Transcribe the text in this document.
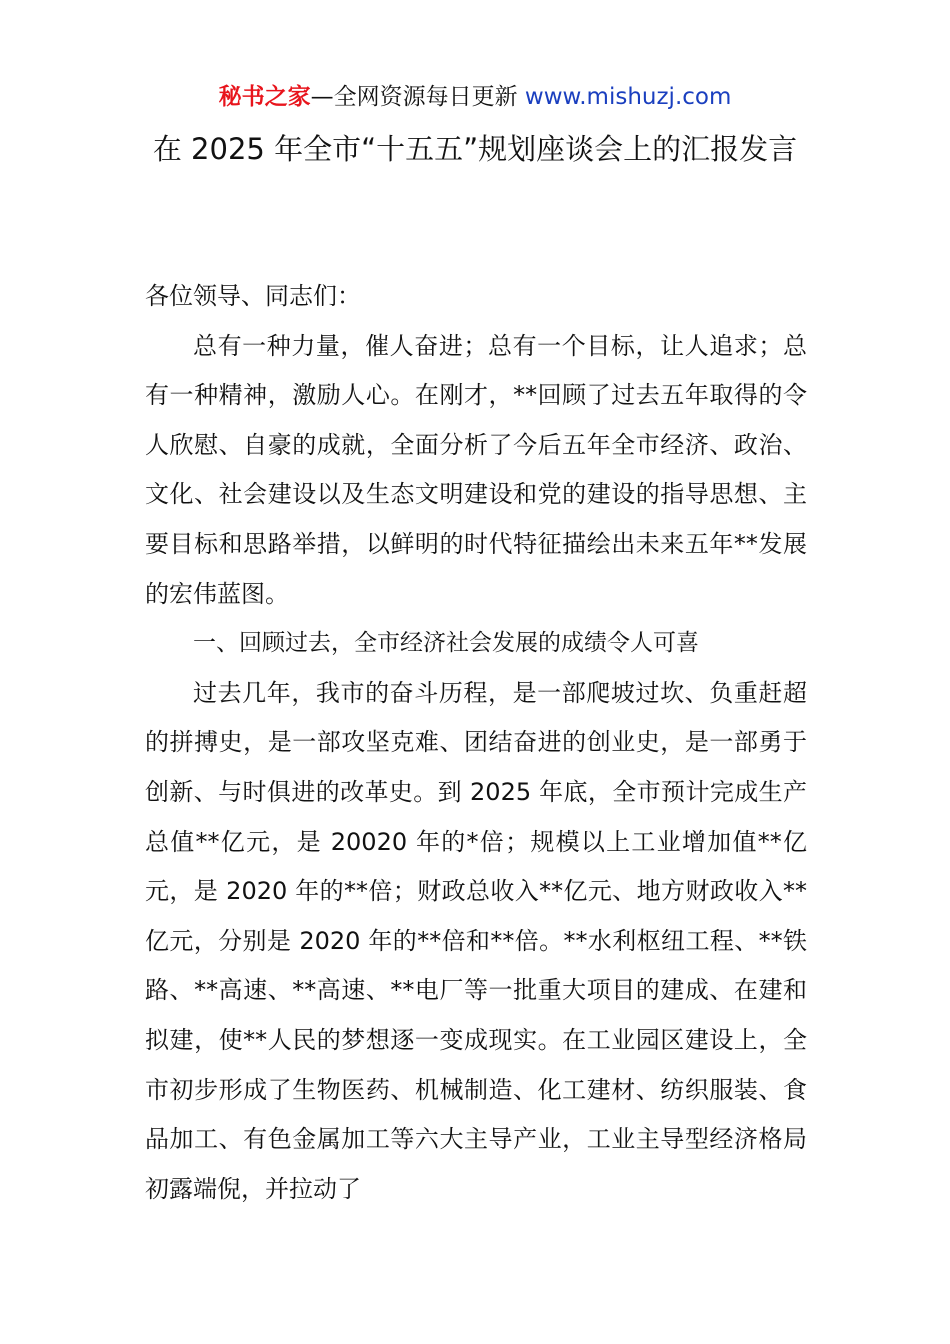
秘书之家—全网资源每日更新 www.mishuzj.com
在 2025 年全市“十五五”规划座谈会上的汇报发言

各位领导、同志们：

总有一种力量，催人奋进；总有一个目标，让人追求；总有一种精神，激励人心。在刚才，**回顾了过去五年取得的令人欣慰、自豪的成就，全面分析了今后五年全市经济、政治、文化、社会建设以及生态文明建设和党的建设的指导思想、主要目标和思路举措，以鲜明的时代特征描绘出未来五年**发展的宏伟蓝图。

一、回顾过去，全市经济社会发展的成绩令人可喜

过去几年，我市的奋斗历程，是一部爬坡过坎、负重赶超的拼搏史，是一部攻坚克难、团结奋进的创业史，是一部勇于创新、与时俱进的改革史。到 2025 年底，全市预计完成生产总值**亿元，是 20020 年的*倍；规模以上工业增加值**亿元，是 2020 年的**倍；财政总收入**亿元、地方财政收入**亿元，分别是 2020 年的**倍和**倍。**水利枢纽工程、**铁路、**高速、**高速、**电厂等一批重大项目的建成、在建和拟建，使**人民的梦想逐一变成现实。在工业园区建设上，全市初步形成了生物医药、机械制造、化工建材、纺织服装、食品加工、有色金属加工等六大主导产业，工业主导型经济格局初露端倪，并拉动了
